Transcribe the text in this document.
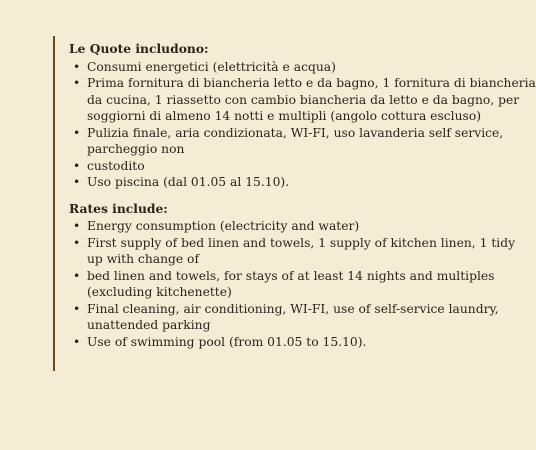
Le Quote includono:
• Consumi energetici (elettricità e acqua)
• Prima fornitura di biancheria letto e da bagno, 1 fornitura di biancheria
da cucina, 1 riassetto con cambio biancheria da letto e da bagno, per
soggiorni di almeno 14 notti e multipli (angolo cottura escluso)
• Pulizia finale, aria condizionata, WI-FI, uso lavanderia self service,
parcheggio non
• custodito
• Uso piscina (dal 01.05 al 15.10).
Rates include:
• Energy consumption (electricity and water)
• First supply of bed linen and towels, 1 supply of kitchen linen, 1 tidy
up with change of
• bed linen and towels, for stays of at least 14 nights and multiples
(excluding kitchenette)
• Final cleaning, air conditioning, WI-FI, use of self-service laundry,
unattended parking
• Use of swimming pool (from 01.05 to 15.10).
